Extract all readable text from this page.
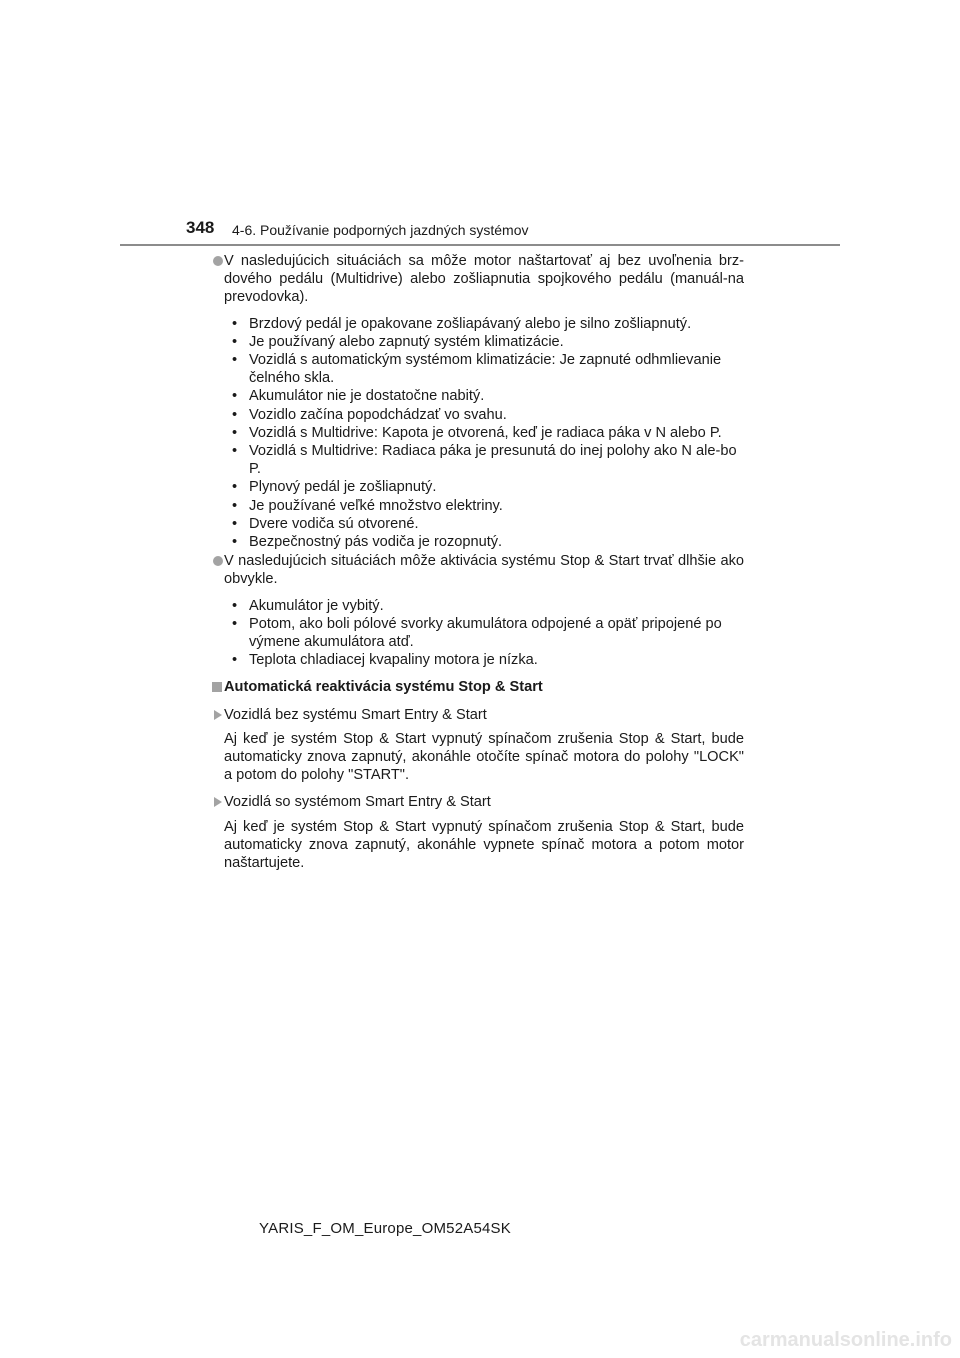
348 4-6. Používanie podporných jazdných systémov
V nasledujúcich situáciách sa môže motor naštartovať aj bez uvoľnenia brz-dového pedálu (Multidrive) alebo zošliapnutia spojkového pedálu (manuál-na prevodovka).
• Brzdový pedál je opakovane zošliapávaný alebo je silno zošliapnutý.
• Je používaný alebo zapnutý systém klimatizácie.
• Vozidlá s automatickým systémom klimatizácie: Je zapnuté odhmlievanie čelného skla.
• Akumulátor nie je dostatočne nabitý.
• Vozidlo začína popodchádzať vo svahu.
• Vozidlá s Multidrive: Kapota je otvorená, keď je radiaca páka v N alebo P.
• Vozidlá s Multidrive: Radiaca páka je presunutá do inej polohy ako N ale-bo P.
• Plynový pedál je zošliapnutý.
• Je používané veľké množstvo elektriny.
• Dvere vodiča sú otvorené.
• Bezpečnostný pás vodiča je rozopnutý.
V nasledujúcich situáciách môže aktivácia systému Stop & Start trvať dlhšie ako obvykle.
• Akumulátor je vybitý.
• Potom, ako boli pólové svorky akumulátora odpojené a opäť pripojené po výmene akumulátora atď.
• Teplota chladiacej kvapaliny motora je nízka.
Automatická reaktivácia systému Stop & Start
Vozidlá bez systému Smart Entry & Start
Aj keď je systém Stop & Start vypnutý spínačom zrušenia Stop & Start, bude automaticky znova zapnutý, akonáhle otočíte spínač motora do polohy "LOCK" a potom do polohy "START".
Vozidlá so systémom Smart Entry & Start
Aj keď je systém Stop & Start vypnutý spínačom zrušenia Stop & Start, bude automaticky znova zapnutý, akonáhle vypnete spínač motora a potom motor naštartujete.
YARIS_F_OM_Europe_OM52A54SK
carmanualsonline.info
